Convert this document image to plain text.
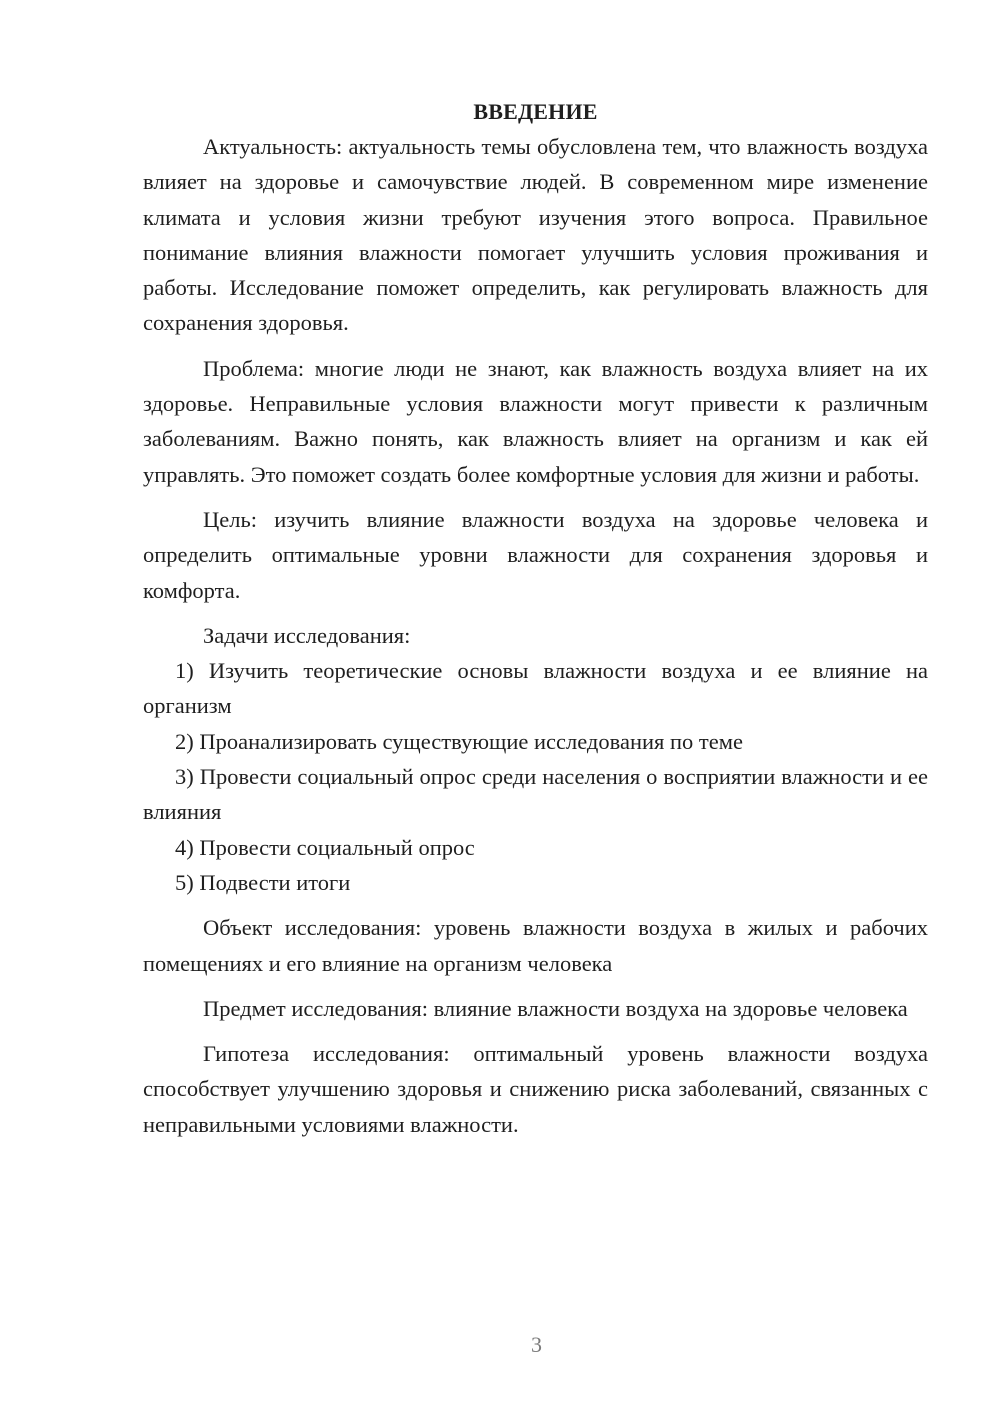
ВВЕДЕНИЕ

Актуальность: актуальность темы обусловлена тем, что влажность воздуха влияет на здоровье и самочувствие людей. В современном мире изменение климата и условия жизни требуют изучения этого вопроса. Правильное понимание влияния влажности помогает улучшить условия проживания и работы. Исследование поможет определить, как регулировать влажность для сохранения здоровья.

Проблема: многие люди не знают, как влажность воздуха влияет на их здоровье. Неправильные условия влажности могут привести к различным заболеваниям. Важно понять, как влажность влияет на организм и как ей управлять. Это поможет создать более комфортные условия для жизни и работы.

Цель: изучить влияние влажности воздуха на здоровье человека и определить оптимальные уровни влажности для сохранения здоровья и комфорта.

Задачи исследования:

1) Изучить теоретические основы влажности воздуха и ее влияние на организм

2) Проанализировать существующие исследования по теме

3) Провести социальный опрос среди населения о восприятии влажности и ее влияния

4) Провести социальный опрос

5) Подвести итоги

Объект исследования: уровень влажности воздуха в жилых и рабочих помещениях и его влияние на организм человека

Предмет исследования: влияние влажности воздуха на здоровье человека

Гипотеза исследования: оптимальный уровень влажности воздуха способствует улучшению здоровья и снижению риска заболеваний, связанных с неправильными условиями влажности.

3
